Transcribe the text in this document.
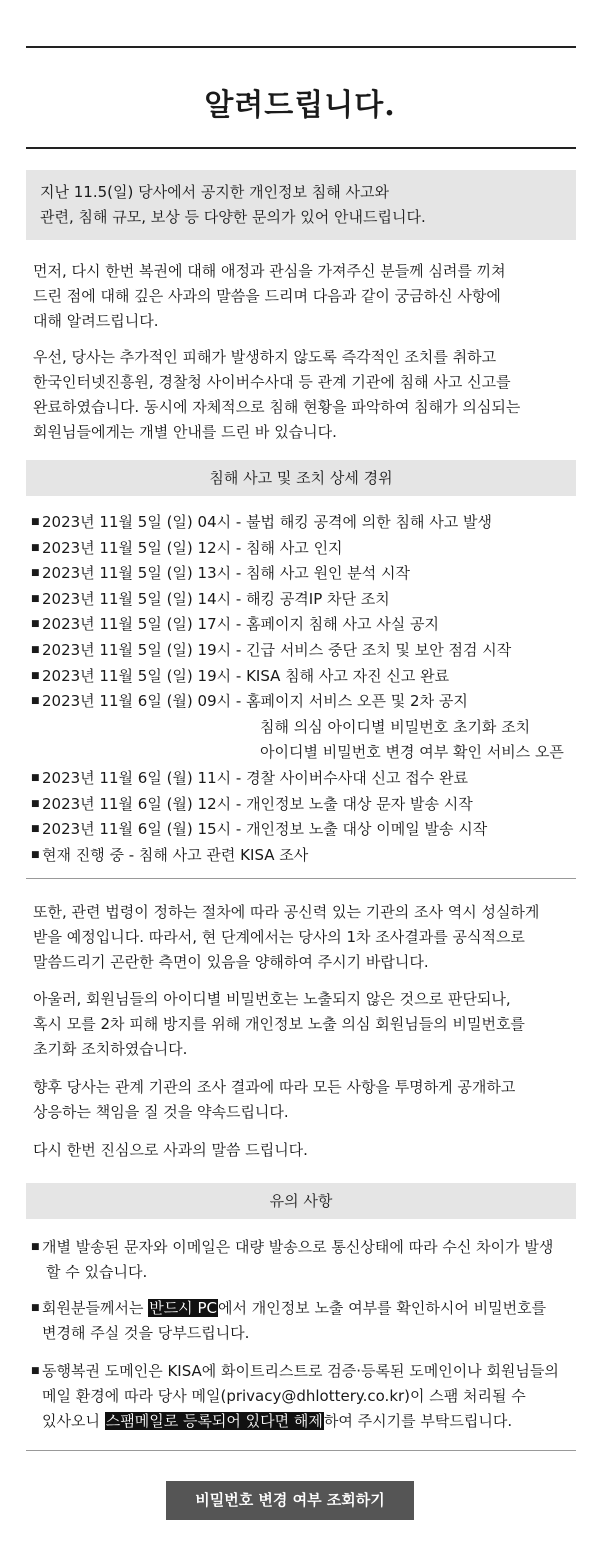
알려드립니다.

지난 11.5(일) 당사에서 공지한 개인정보 침해 사고와

관련, 침해 규모, 보상 등 다양한 문의가 있어 안내드립니다.

먼저, 다시 한번 복권에 대해 애정과 관심을 가져주신 분들께 심려를 끼쳐
드린 점에 대해 깊은 사과의 말씀을 드리며 다음과 같이 궁금하신 사항에
대해 알려드립니다.

우선, 당사는 추가적인 피해가 발생하지 않도록 즉각적인 조치를 취하고
한국인터넷진흥원, 경찰청 사이버수사대 등 관계 기관에 침해 사고 신고를
완료하였습니다. 동시에 자체적으로 침해 현황을 파악하여 침해가 의심되는
회원님들에게는 개별 안내를 드린 바 있습니다.

침해 사고 및 조치 상세 경위
■ 2023년 11월 5일 (일) 04시 - 불법 해킹 공격에 의한 침해 사고 발생
■ 2023년 11월 5일 (일) 12시 - 침해 사고 인지
■ 2023년 11월 5일 (일) 13시 - 침해 사고 원인 분석 시작
■ 2023년 11월 5일 (일) 14시 - 해킹 공격IP 차단 조치
■ 2023년 11월 5일 (일) 17시 - 홈페이지 침해 사고 사실 공지
■ 2023년 11월 5일 (일) 19시 - 긴급 서비스 중단 조치 및 보안 점검 시작
■ 2023년 11월 5일 (일) 19시 - KISA 침해 사고 자진 신고 완료
■ 2023년 11월 6일 (월) 09시 - 홈페이지 서비스 오픈 및 2차 공지
침해 의심 아이디별 비밀번호 초기화 조치
아이디별 비밀번호 변경 여부 확인 서비스 오픈
■ 2023년 11월 6일 (월) 11시 - 경찰 사이버수사대 신고 접수 완료
■ 2023년 11월 6일 (월) 12시 - 개인정보 노출 대상 문자 발송 시작
■ 2023년 11월 6일 (월) 15시 - 개인정보 노출 대상 이메일 발송 시작
■ 현재 진행 중 - 침해 사고 관련 KISA 조사

또한, 관련 법령이 정하는 절차에 따라 공신력 있는 기관의 조사 역시 성실하게
받을 예정입니다. 따라서, 현 단계에서는 당사의 1차 조사결과를 공식적으로
말씀드리기 곤란한 측면이 있음을 양해하여 주시기 바랍니다.

아울러, 회원님들의 아이디별 비밀번호는 노출되지 않은 것으로 판단되나,
혹시 모를 2차 피해 방지를 위해 개인정보 노출 의심 회원님들의 비밀번호를
초기화 조치하였습니다.

향후 당사는 관계 기관의 조사 결과에 따라 모든 사항을 투명하게 공개하고
상응하는 책임을 질 것을 약속드립니다.

다시 한번 진심으로 사과의 말씀 드립니다.

유의 사항
■ 개별 발송된 문자와 이메일은 대량 발송으로 통신상태에 따라 수신 차이가 발생
할 수 있습니다.
■ 회원분들께서는 반드시 PC에서 개인정보 노출 여부를 확인하시어 비밀번호를
변경해 주실 것을 당부드립니다.
■ 동행복권 도메인은 KISA에 화이트리스트로 검증·등록된 도메인이나 회원님들의
메일 환경에 따라 당사 메일(privacy@dhlottery.co.kr)이 스팸 처리될 수
있사오니 스팸메일로 등록되어 있다면 해제하여 주시기를 부탁드립니다.
비밀번호 변경 여부 조회하기
